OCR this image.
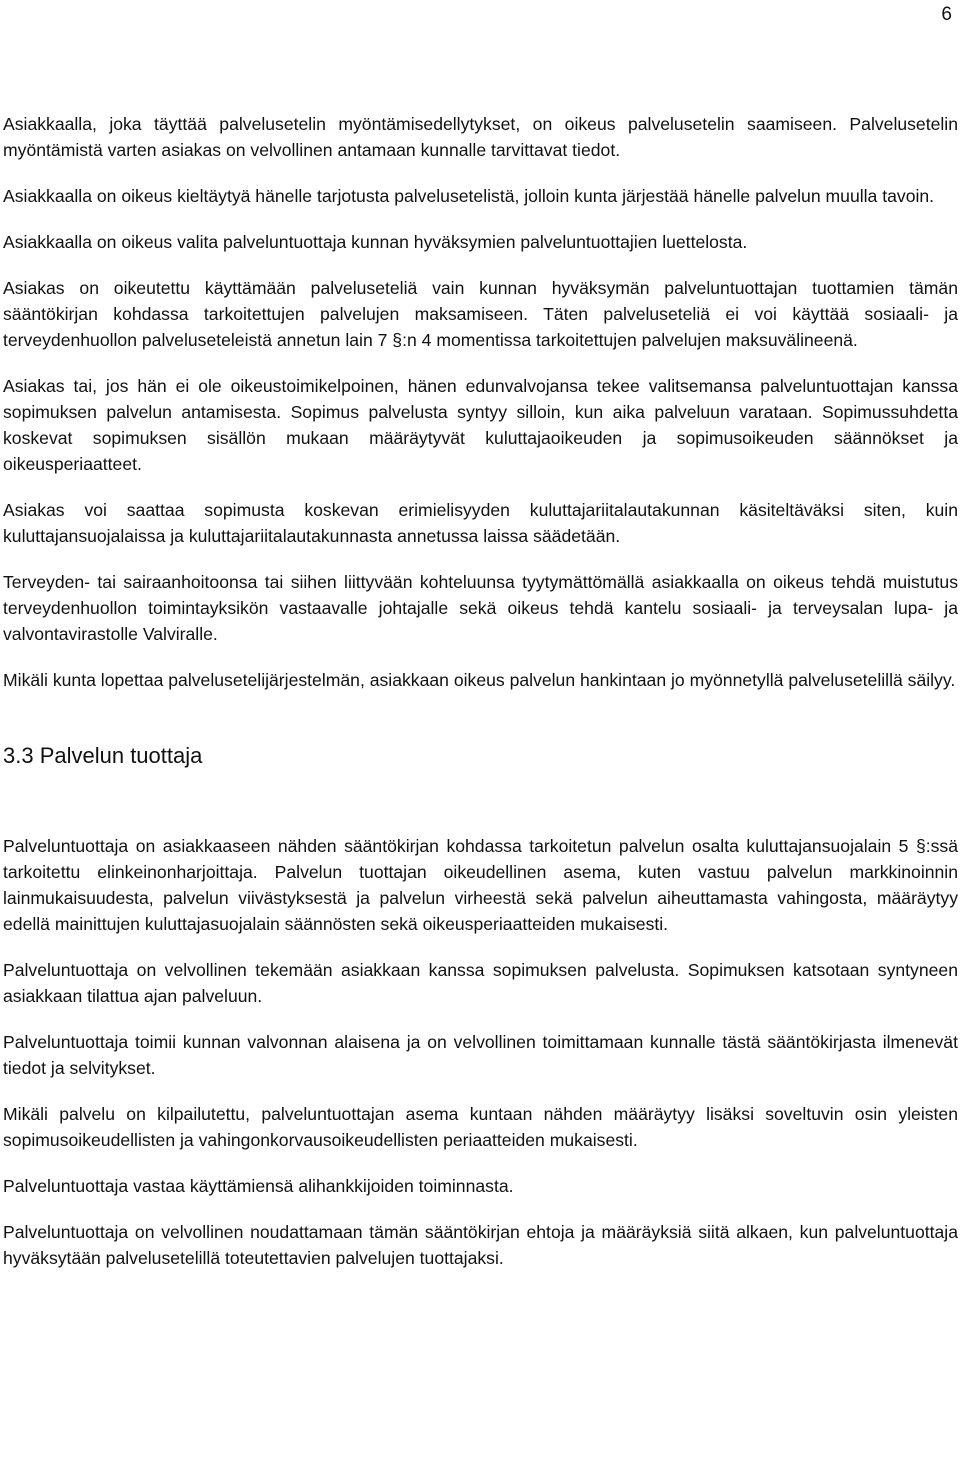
6

Asiakkaalla, joka täyttää palvelusetelin myöntämisedellytykset, on oikeus palvelusetelin saamiseen. Palvelusetelin myöntämistä varten asiakas on velvollinen antamaan kunnalle tarvittavat tiedot.

Asiakkaalla on oikeus kieltäytyä hänelle tarjotusta palvelusetelistä, jolloin kunta järjestää hänelle palvelun muulla tavoin.

Asiakkaalla on oikeus valita palveluntuottaja kunnan hyväksymien palveluntuottajien luettelosta.

Asiakas on oikeutettu käyttämään palveluseteliä vain kunnan hyväksymän palveluntuottajan tuottamien tämän sääntökirjan kohdassa tarkoitettujen palvelujen maksamiseen. Täten palveluseteliä ei voi käyttää sosiaali- ja terveydenhuollon palveluseteleistä annetun lain 7 §:n 4 momentissa tarkoitettujen palvelujen maksuvälineenä.

Asiakas tai, jos hän ei ole oikeustoimikelpoinen, hänen edunvalvojansa tekee valitsemansa palveluntuottajan kanssa sopimuksen palvelun antamisesta. Sopimus palvelusta syntyy silloin, kun aika palveluun varataan. Sopimussuhdetta koskevat sopimuksen sisällön mukaan määräytyvät kuluttajaoikeuden ja sopimusoikeuden säännökset ja oikeusperiaatteet.

Asiakas voi saattaa sopimusta koskevan erimielisyyden kuluttajariitalautakunnan käsiteltäväksi siten, kuin kuluttajansuojalaissa ja kuluttajariitalautakunnasta annetussa laissa säädetään.

Terveyden- tai sairaanhoitoonsa tai siihen liittyvään kohteluunsa tyytymättömällä asiakkaalla on oikeus tehdä muistutus terveydenhuollon toimintayksikön vastaavalle johtajalle sekä oikeus tehdä kantelu sosiaali- ja terveysalan lupa- ja valvontavirastolle Valviralle.

Mikäli kunta lopettaa palvelusetelijärjestelmän, asiakkaan oikeus palvelun hankintaan jo myönnetyllä palvelusetelillä säilyy.

3.3 Palvelun tuottaja

Palveluntuottaja on asiakkaaseen nähden sääntökirjan kohdassa tarkoitetun palvelun osalta kuluttajansuojalain 5 §:ssä tarkoitettu elinkeinonharjoittaja. Palvelun tuottajan oikeudellinen asema, kuten vastuu palvelun markkinoinnin lainmukaisuudesta, palvelun viivästyksestä ja palvelun virheestä sekä palvelun aiheuttamasta vahingosta, määräytyy edellä mainittujen kuluttajasuojalain säännösten sekä oikeusperiaatteiden mukaisesti.

Palveluntuottaja on velvollinen tekemään asiakkaan kanssa sopimuksen palvelusta. Sopimuksen katsotaan syntyneen asiakkaan tilattua ajan palveluun.

Palveluntuottaja toimii kunnan valvonnan alaisena ja on velvollinen toimittamaan kunnalle tästä sääntökirjasta ilmenevät tiedot ja selvitykset.

Mikäli palvelu on kilpailutettu, palveluntuottajan asema kuntaan nähden määräytyy lisäksi soveltuvin osin yleisten sopimusoikeudellisten ja vahingonkorvausoikeudellisten periaatteiden mukaisesti.

Palveluntuottaja vastaa käyttämiensä alihankkijoiden toiminnasta.

Palveluntuottaja on velvollinen noudattamaan tämän sääntökirjan ehtoja ja määräyksiä siitä alkaen, kun palveluntuottaja hyväksytään palvelusetelillä toteutettavien palvelujen tuottajaksi.
